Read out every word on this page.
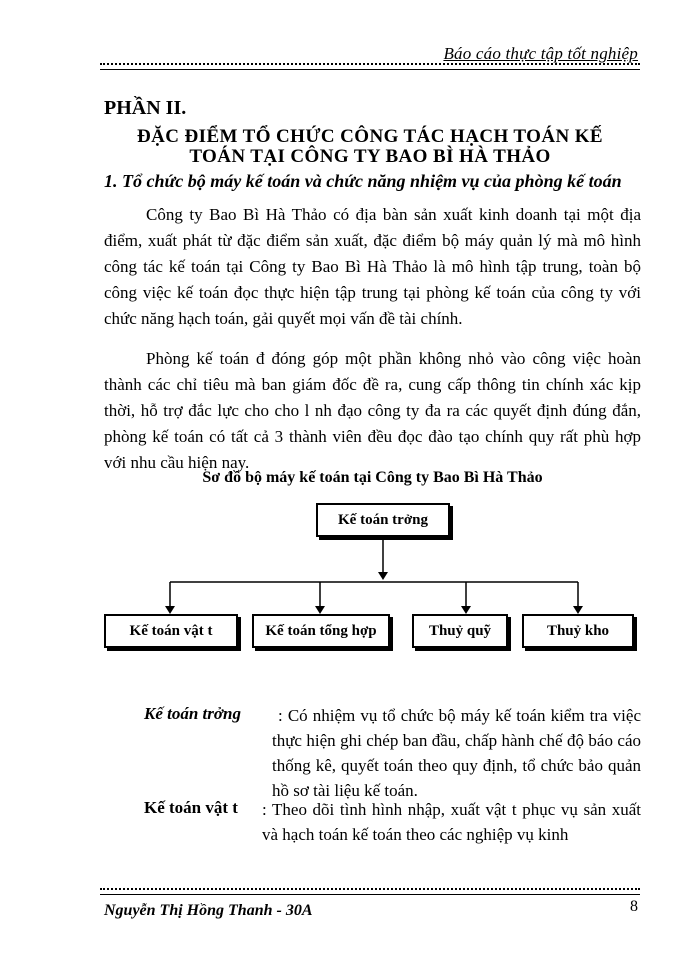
Báo cáo thực tập tốt nghiệp
PHẦN II.
ĐẶC ĐIỂM TỔ CHỨC CÔNG TÁC HẠCH TOÁN KẾ
TOÁN TẠI CÔNG TY BAO BÌ HÀ THẢO
1. Tổ chức bộ máy kế toán và chức năng nhiệm vụ của phòng kế toán

Công ty Bao Bì Hà Thảo có địa bàn sản xuất kinh doanh tại một địa điểm, xuất phát từ đặc điểm sản xuất, đặc điểm bộ máy quản lý mà mô hình công tác kế toán tại Công ty Bao Bì Hà Thảo là mô hình tập trung, toàn bộ công việc kế toán đọc thực hiện tập trung tại phòng kế toán của công ty với chức năng hạch toán, gải quyết mọi vấn đề tài chính.

Phòng kế toán đ đóng góp một phần không nhỏ vào công việc hoàn thành các chỉ tiêu mà ban giám đốc đề ra, cung cấp thông tin chính xác kịp thời, hỗ trợ đắc lực cho cho l nh đạo công ty đa ra các quyết định đúng đắn, phòng kế toán có tất cả 3 thành viên đều đọc đào tạo chính quy rất phù hợp với nhu cầu hiện nay.

Sơ đồ bộ máy kế toán tại Công ty Bao Bì Hà Thảo
Kế toán trởng
Kế toán vật t	Kế toán tổng hợp	Thuỷ quỹ	Thuỷ kho
Kế toán trởng	: Có nhiệm vụ tổ chức bộ máy kế toán kiểm tra việc thực hiện ghi chép ban đầu, chấp hành chế độ báo cáo thống kê, quyết toán theo quy định, tổ chức bảo quản hồ sơ tài liệu kế toán.
Kế toán vật t : Theo dõi tình hình nhập, xuất vật t phục vụ sản xuất và hạch toán kế toán theo các nghiệp vụ kinh
Nguyễn Thị Hồng Thanh - 30A	8
